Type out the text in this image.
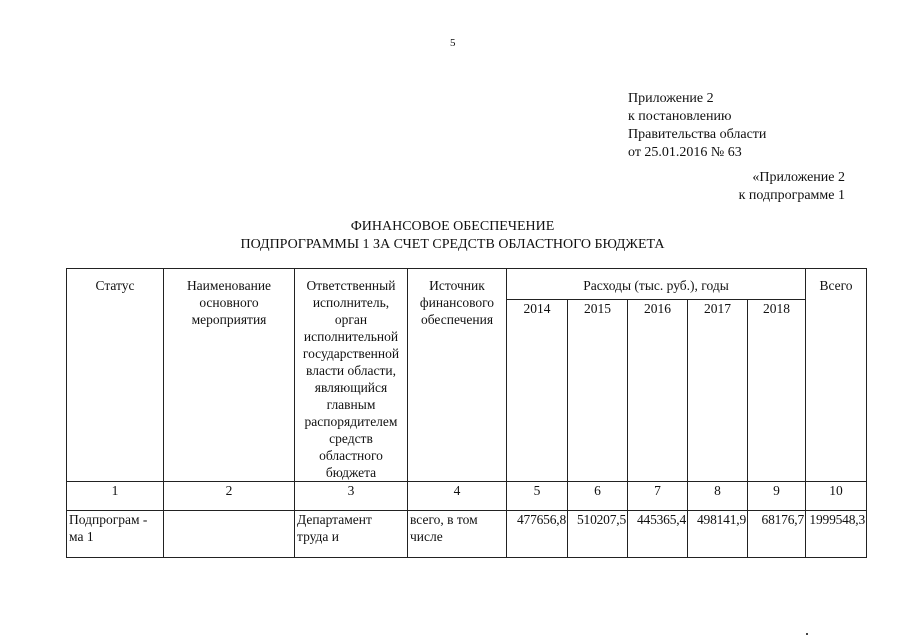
5
Приложение 2
к постановлению
Правительства области
от 25.01.2016 № 63
«Приложение 2
к подпрограмме 1
ФИНАНСОВОЕ ОБЕСПЕЧЕНИЕ
ПОДПРОГРАММЫ 1 ЗА СЧЕТ СРЕДСТВ ОБЛАСТНОГО БЮДЖЕТА
Статус	Наименование основного мероприятия	Ответственный исполнитель, орган исполнительной государственной власти области, являющийся главным распорядителем средств областного бюджета	Источник финансового обеспечения	Расходы (тыс. руб.), годы					Всего
				2014	2015	2016	2017	2018	
1	2	3	4	5	6	7	8	9	10
Подпрограм - ма 1		Департамент труда и	всего, в том числе	477656,8	510207,5	445365,4	498141,9	68176,7	1999548,3
